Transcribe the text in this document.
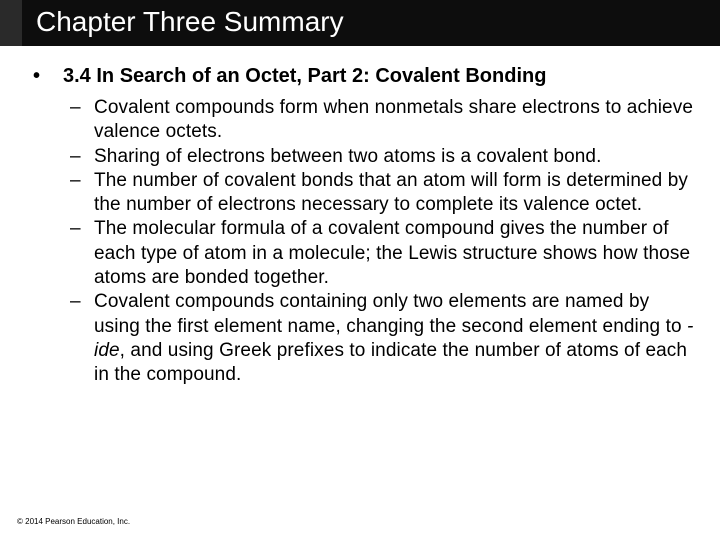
Chapter Three Summary
• 3.4 In Search of an Octet, Part 2: Covalent Bonding
– Covalent compounds form when nonmetals share electrons to achieve valence octets.
– Sharing of electrons between two atoms is a covalent bond.
– The number of covalent bonds that an atom will form is determined by the number of electrons necessary to complete its valence octet.
– The molecular formula of a covalent compound gives the number of each type of atom in a molecule; the Lewis structure shows how those atoms are bonded together.
– Covalent compounds containing only two elements are named by using the first element name, changing the second element ending to -ide, and using Greek prefixes to indicate the number of atoms of each in the compound.
© 2014 Pearson Education, Inc.
